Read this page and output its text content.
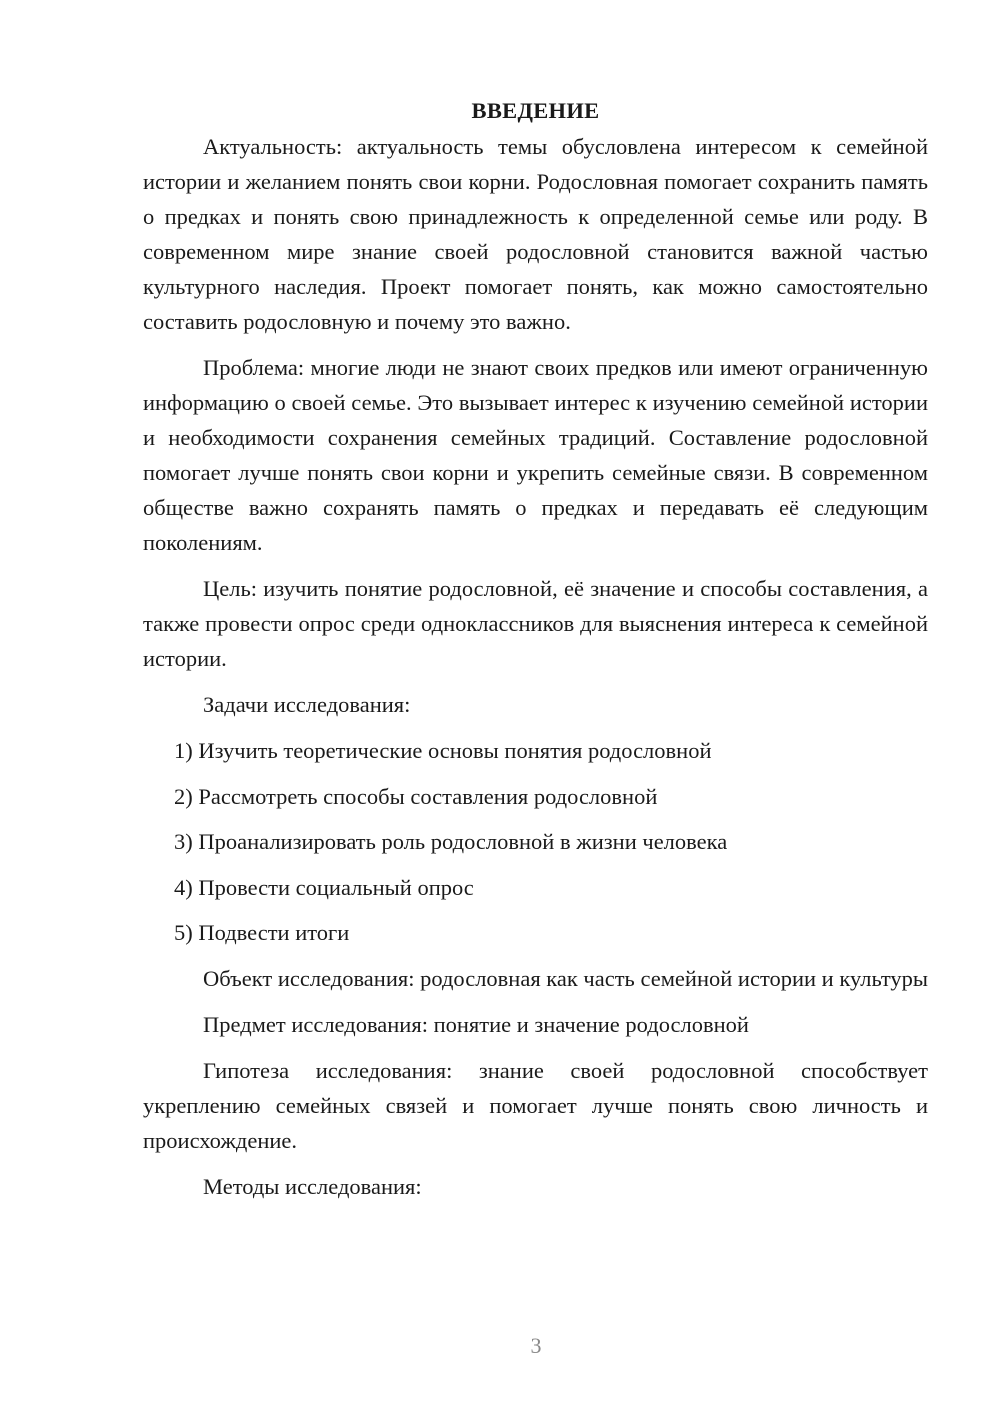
ВВЕДЕНИЕ

Актуальность: актуальность темы обусловлена интересом к семейной истории и желанием понять свои корни. Родословная помогает сохранить память о предках и понять свою принадлежность к определенной семье или роду. В современном мире знание своей родословной становится важной частью культурного наследия. Проект помогает понять, как можно самостоятельно составить родословную и почему это важно.

Проблема: многие люди не знают своих предков или имеют ограниченную информацию о своей семье. Это вызывает интерес к изучению семейной истории и необходимости сохранения семейных традиций. Составление родословной помогает лучше понять свои корни и укрепить семейные связи. В современном обществе важно сохранять память о предках и передавать её следующим поколениям.

Цель: изучить понятие родословной, её значение и способы составления, а также провести опрос среди одноклассников для выяснения интереса к семейной истории.

Задачи исследования:
1) Изучить теоретические основы понятия родословной
2) Рассмотреть способы составления родословной
3) Проанализировать роль родословной в жизни человека
4) Провести социальный опрос
5) Подвести итоги

Объект исследования: родословная как часть семейной истории и культуры

Предмет исследования: понятие и значение родословной

Гипотеза исследования: знание своей родословной способствует укреплению семейных связей и помогает лучше понять свою личность и происхождение.

Методы исследования:
3
